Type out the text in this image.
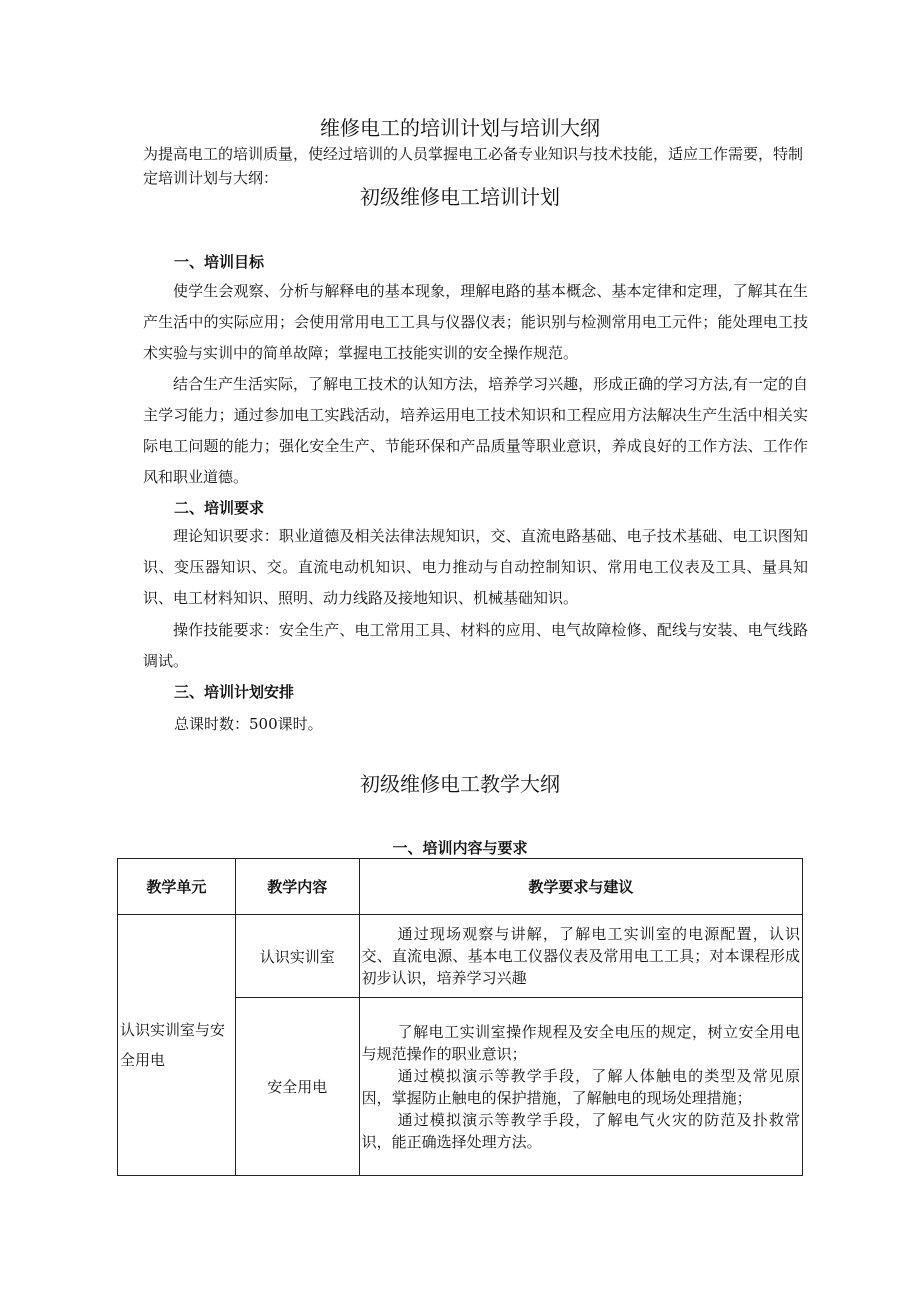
维修电工的培训计划与培训大纲
为提高电工的培训质量，使经过培训的人员掌握电工必备专业知识与技术技能，适应工作需要，特制定培训计划与大纲：
初级维修电工培训计划
一、培训目标
使学生会观察、分析与解释电的基本现象，理解电路的基本概念、基本定律和定理，了解其在生产生活中的实际应用；会使用常用电工工具与仪器仪表；能识别与检测常用电工元件；能处理电工技术实验与实训中的简单故障；掌握电工技能实训的安全操作规范。
结合生产生活实际，了解电工技术的认知方法，培养学习兴趣，形成正确的学习方法,有一定的自主学习能力；通过参加电工实践活动，培养运用电工技术知识和工程应用方法解决生产生活中相关实际电工问题的能力；强化安全生产、节能环保和产品质量等职业意识，养成良好的工作方法、工作作风和职业道德。
二、培训要求
理论知识要求：职业道德及相关法律法规知识，交、直流电路基础、电子技术基础、电工识图知识、变压器知识、交。直流电动机知识、电力推动与自动控制知识、常用电工仪表及工具、量具知识、电工材料知识、照明、动力线路及接地知识、机械基础知识。
操作技能要求：安全生产、电工常用工具、材料的应用、电气故障检修、配线与安装、电气线路调试。
三、培训计划安排
总课时数：500课时。
初级维修电工教学大纲
一、培训内容与要求
教学单元	教学内容	教学要求与建议
认识实训室与安全用电	认识实训室	通过现场观察与讲解，了解电工实训室的电源配置，认识交、直流电源、基本电工仪器仪表及常用电工工具；对本课程形成初步认识，培养学习兴趣

	安全用电	了解电工实训室操作规程及安全电压的规定，树立安全用电与规范操作的职业意识；

通过模拟演示等教学手段，了解人体触电的类型及常见原因，掌握防止触电的保护措施，了解触电的现场处理措施；

通过模拟演示等教学手段，了解电气火灾的防范及扑救常识，能正确选择处理方法。
